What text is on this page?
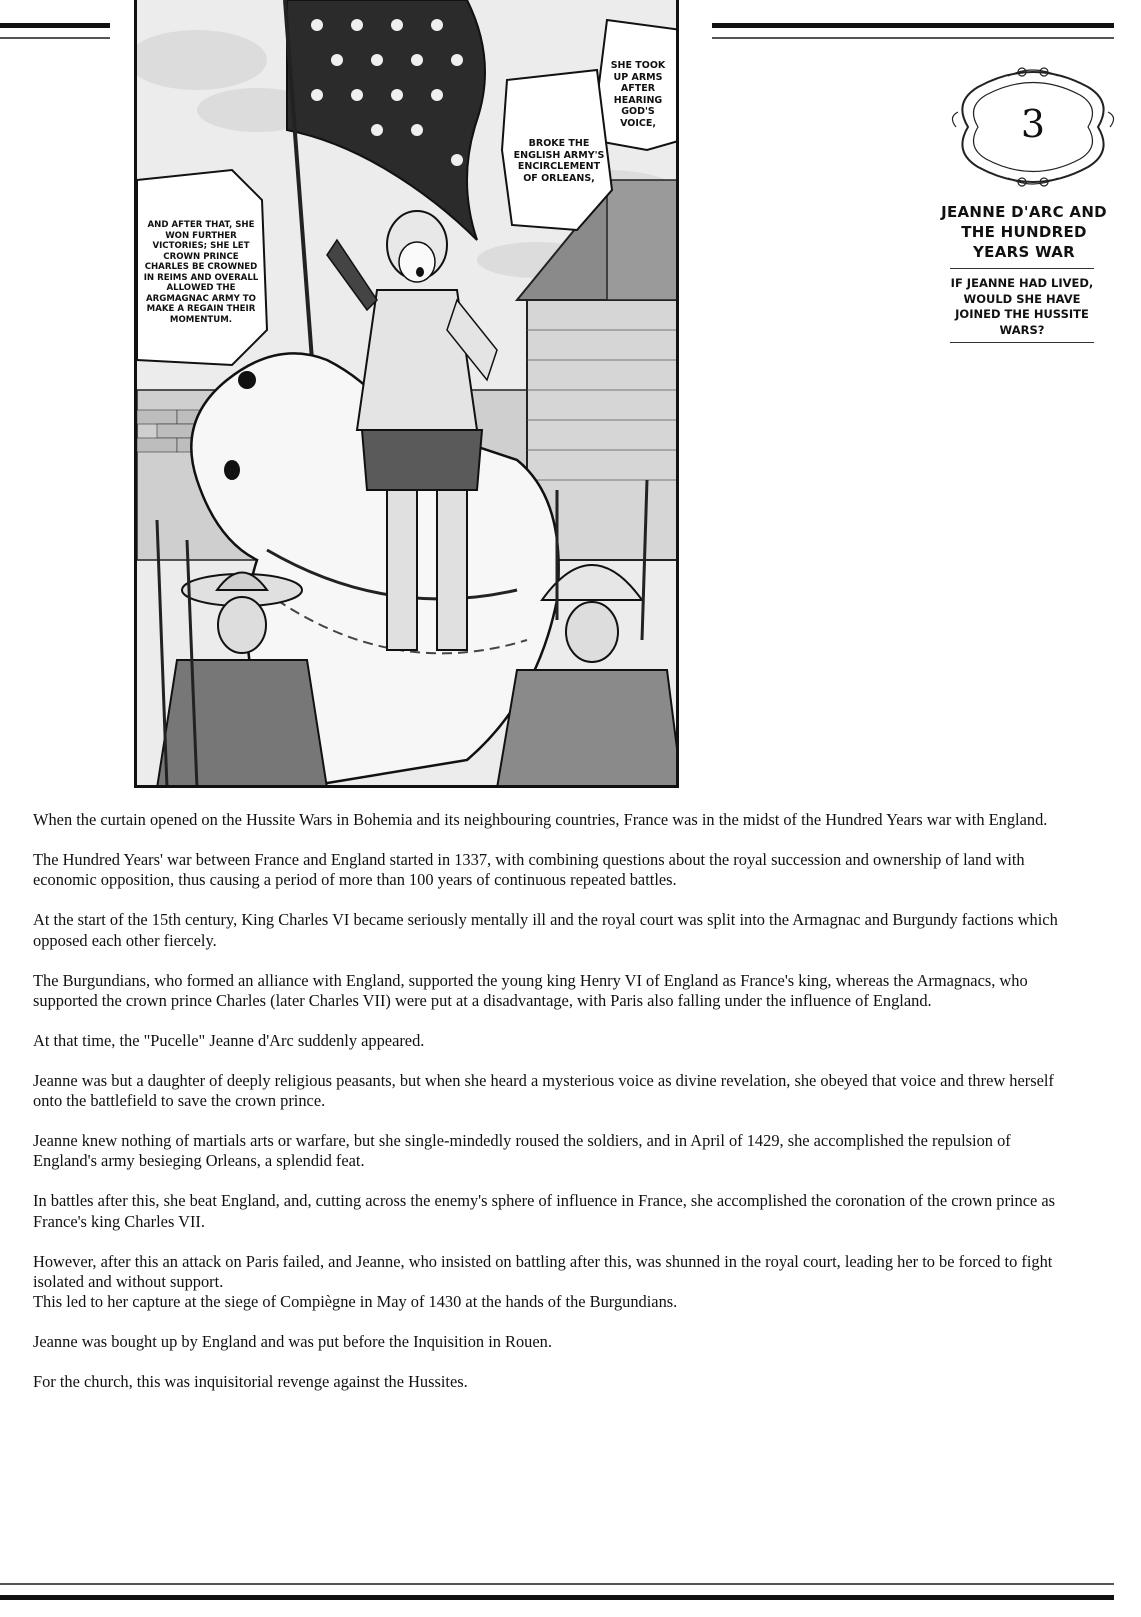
SHE TOOK UP ARMS AFTER HEARING GOD'S VOICE,
BROKE THE ENGLISH ARMY'S ENCIRCLEMENT OF ORLEANS,
AND AFTER THAT, SHE WON FURTHER VICTORIES; SHE LET CROWN PRINCE CHARLES BE CROWNED IN REIMS AND OVERALL ALLOWED THE ARGMAGNAC ARMY TO MAKE A REGAIN THEIR MOMENTUM.
3
JEANNE D'ARC AND THE HUNDRED YEARS WAR
IF JEANNE HAD LIVED, WOULD SHE HAVE JOINED THE HUSSITE WARS?

When the curtain opened on the Hussite Wars in Bohemia and its neighbouring countries, France was in the midst of the Hundred Years war with England.

The Hundred Years' war between France and England started in 1337, with combining questions about the royal succession and ownership of land with economic opposition, thus causing a period of more than 100 years of continuous repeated battles.

At the start of the 15th century, King Charles VI became seriously mentally ill and the royal court was split into the Armagnac and Burgundy factions which opposed each other fiercely.

The Burgundians, who formed an alliance with England, supported the young king Henry VI of England as France's king, whereas the Armagnacs, who supported the crown prince Charles (later Charles VII) were put at a disadvantage, with Paris also falling under the influence of England.

At that time, the "Pucelle" Jeanne d'Arc suddenly appeared.

Jeanne was but a daughter of deeply religious peasants, but when she heard a mysterious voice as divine revelation, she obeyed that voice and threw herself onto the battlefield to save the crown prince.

Jeanne knew nothing of martials arts or warfare, but she single-mindedly roused the soldiers, and in April of 1429, she accomplished the repulsion of England's army besieging Orleans, a splendid feat.

In battles after this, she beat England, and, cutting across the enemy's sphere of influence in France, she accomplished the coronation of the crown prince as France's king Charles VII.

However, after this an attack on Paris failed, and Jeanne, who insisted on battling after this, was shunned in the royal court, leading her to be forced to fight isolated and without support.
This led to her capture at the siege of Compiègne in May of 1430 at the hands of the Burgundians.

Jeanne was bought up by England and was put before the Inquisition in Rouen.

For the church, this was inquisitorial revenge against the Hussites.
